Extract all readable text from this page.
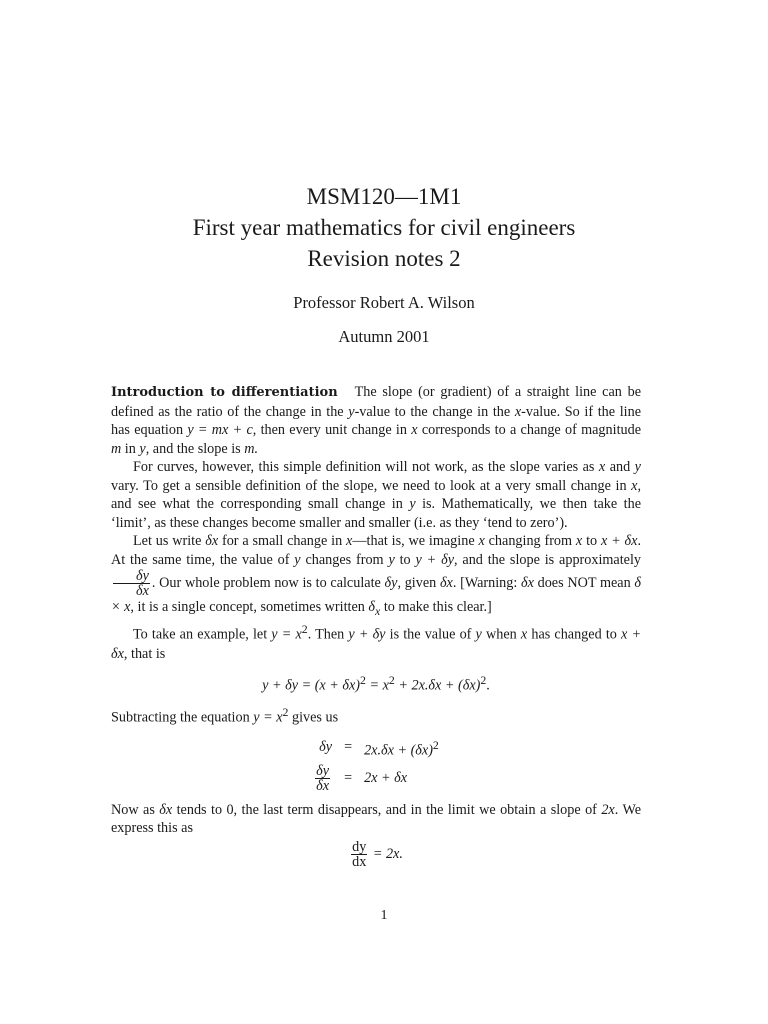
MSM120—1M1
First year mathematics for civil engineers
Revision notes 2
Professor Robert A. Wilson
Autumn 2001

Introduction to differentiation The slope (or gradient) of a straight line can be defined as the ratio of the change in the y-value to the change in the x-value. So if the line has equation y = mx + c, then every unit change in x corresponds to a change of magnitude m in y, and the slope is m.

For curves, however, this simple definition will not work, as the slope varies as x and y vary. To get a sensible definition of the slope, we need to look at a very small change in x, and see what the corresponding small change in y is. Mathematically, we then take the ‘limit’, as these changes become smaller and smaller (i.e. as they ‘tend to zero’).

Let us write δx for a small change in x—that is, we imagine x changing from x to x + δx. At the same time, the value of y changes from y to y + δy, and the slope is approximately
$\frac{\delta y}{\delta x}$ . Our whole problem now is to calculate δy, given δx. [Warning: δx does NOT mean δ × x, it is a single concept, sometimes written $\delta_x$ to make this clear.]

To take an example, let $y = x^2$. Then y + δy is the value of y when x has changed to x + δx, that is

$y + \delta y = (x + \delta x)^2 = x^2 + 2x.\delta x + (\delta x)^2$.

Subtracting the equation $y = x^2$ gives us

δy	=	$2x.\delta x + (\delta x)^2$

$\frac{\delta y}{\delta x}$	=	2x + δx

Now as δx tends to 0, the last term disappears, and in the limit we obtain a slope of 2x. We express this as

$\frac{dy}{dx} = 2x$.
1
